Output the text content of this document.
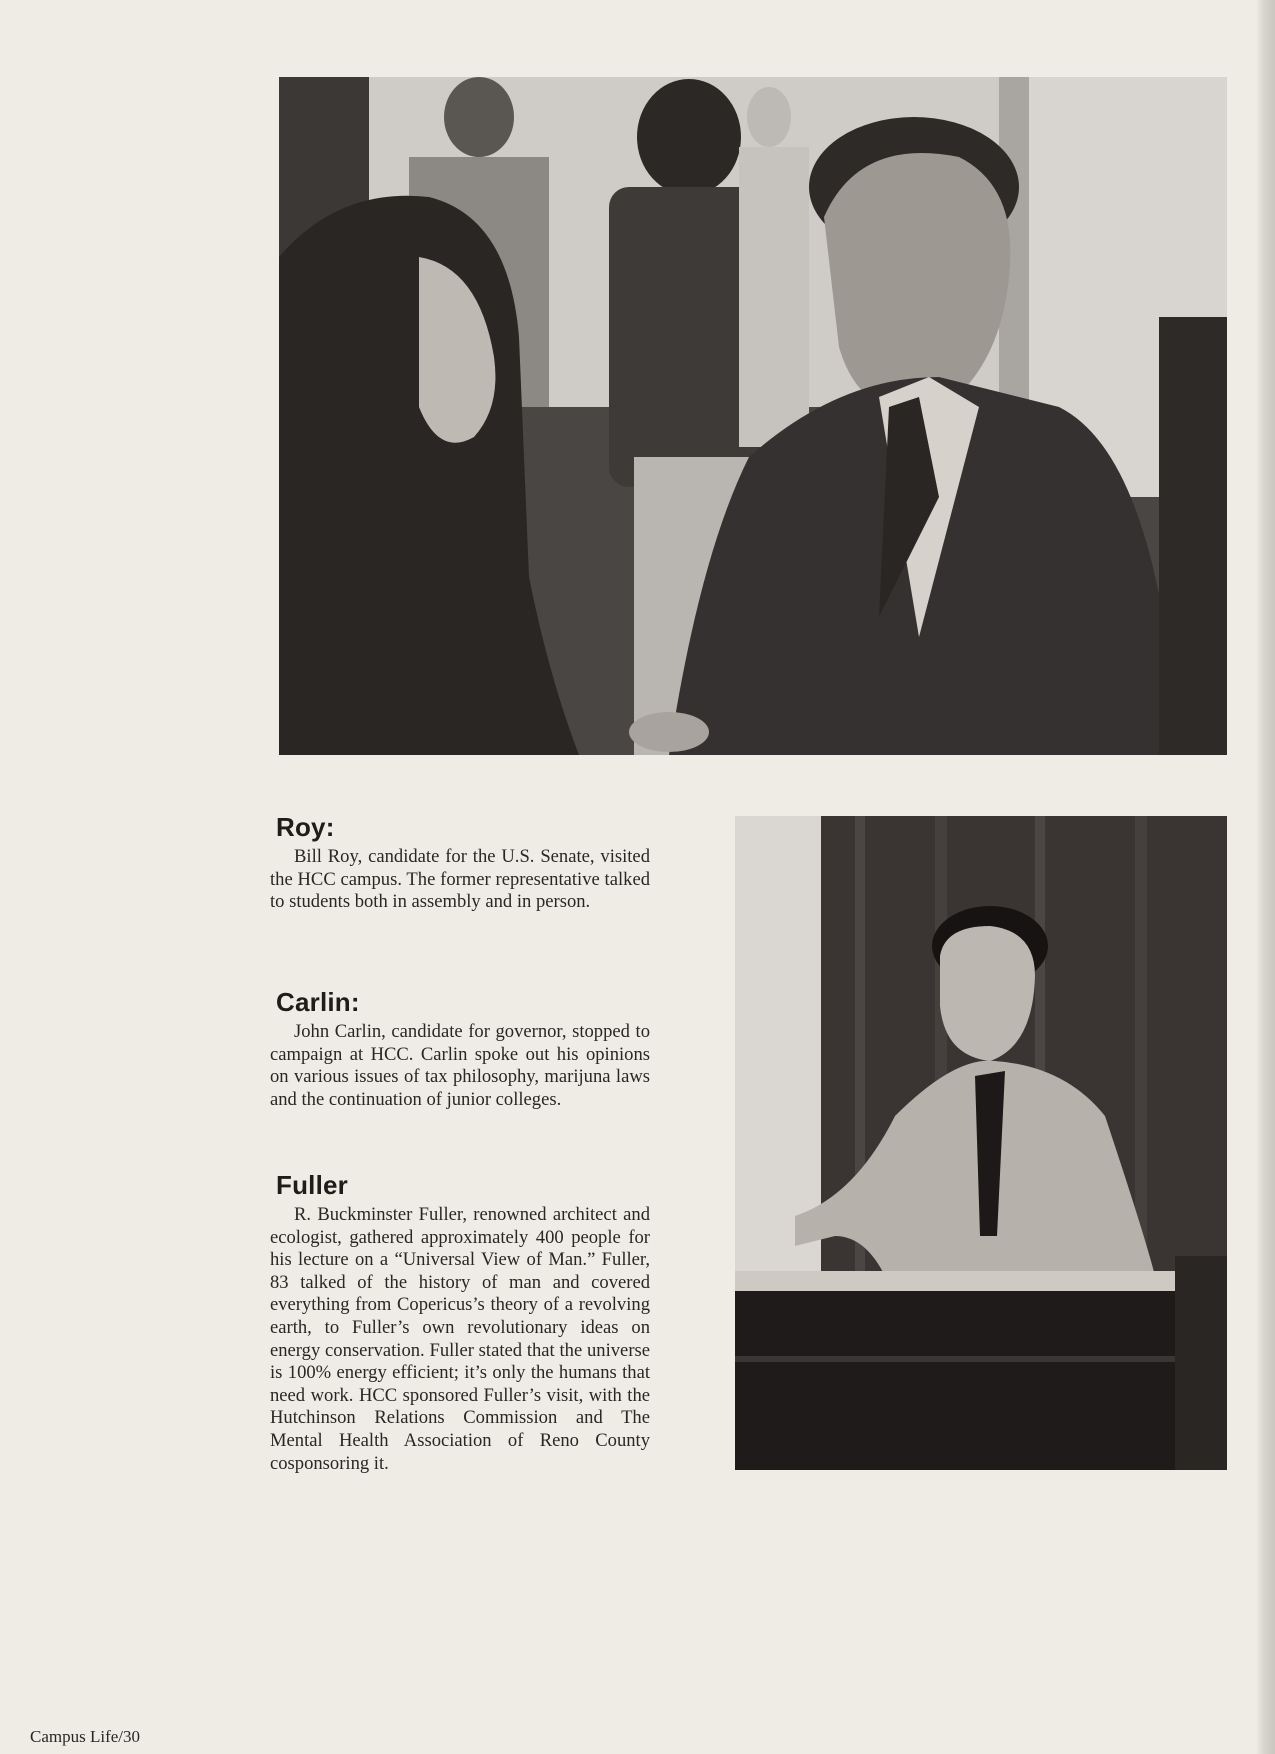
Roy:

Bill Roy, candidate for the U.S. Senate, visited the HCC campus. The former representative talked to students both in assembly and in person.

Carlin:

John Carlin, candidate for governor, stopped to campaign at HCC. Carlin spoke out his opinions on various issues of tax philosophy, marijuna laws and the continuation of junior colleges.

Fuller

R. Buckminster Fuller, renowned architect and ecologist, gathered approximately 400 people for his lecture on a “Universal View of Man.” Fuller, 83 talked of the history of man and covered everything from Copericus’s theory of a revolving earth, to Fuller’s own revolutionary ideas on energy conservation. Fuller stated that the universe is 100% energy efficient; it’s only the humans that need work. HCC sponsored Fuller’s visit, with the Hutchinson Relations Commission and The Mental Health Association of Reno County cosponsoring it.

Campus Life/30
